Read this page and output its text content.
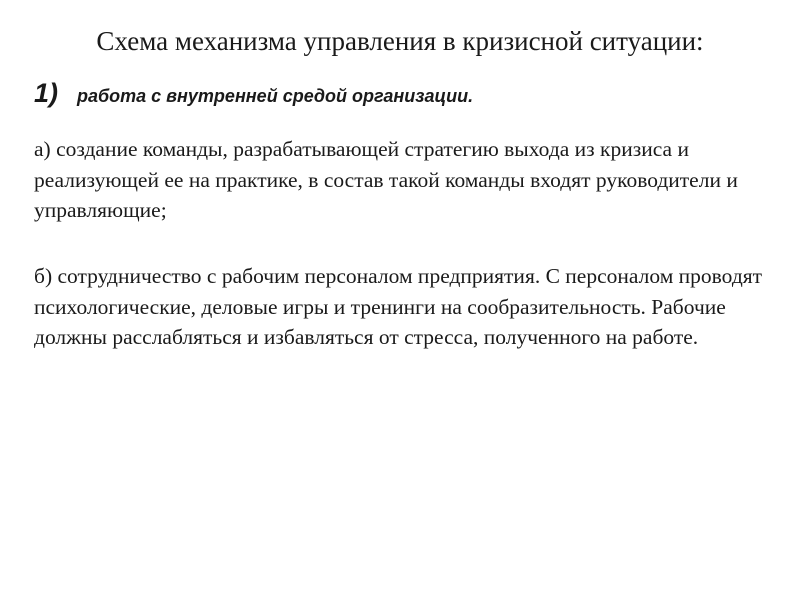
Схема механизма управления в кризисной ситуации:
1) работа с внутренней средой организации.
а) создание команды, разрабатывающей стратегию выхода из кризиса и реализующей ее на практике, в состав такой команды входят руководители и управляющие;
б) сотрудничество с рабочим персоналом предприятия. С персоналом проводят психологические, деловые игры и тренинги на сообразительность. Рабочие должны расслабляться и избавляться от стресса, полученного на работе.
